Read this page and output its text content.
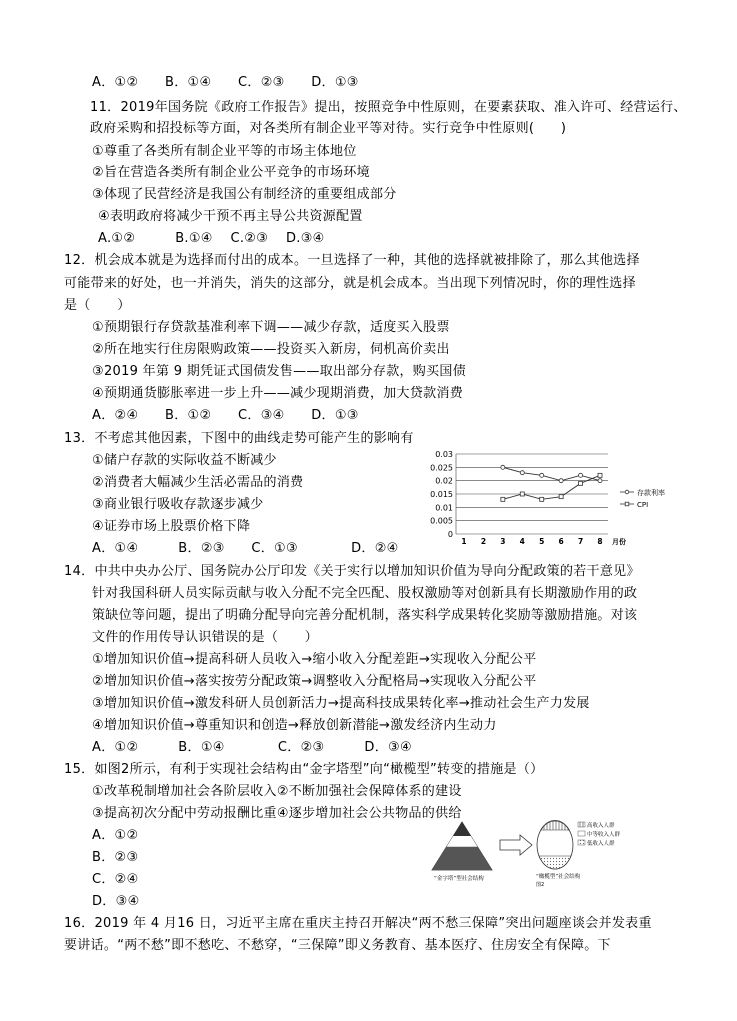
A．①②　　B．①④　　C．②③　　D．①③
11．2019年国务院《政府工作报告》提出，按照竞争中性原则，在要素获取、准入许可、经营运行、
政府采购和招投标等方面，对各类所有制企业平等对待。实行竞争中性原则(　　)
①尊重了各类所有制企业平等的市场主体地位
②旨在营造各类所有制企业公平竞争的市场环境
③体现了民营经济是我国公有制经济的重要组成部分
④表明政府将减少干预不再主导公共资源配置
A.①②　　　B.①④　 C.②③　 D.③④
12．机会成本就是为选择而付出的成本。一旦选择了一种，其他的选择就被排除了，那么其他选择
可能带来的好处，也一并消失，消失的这部分，就是机会成本。当出现下列情况时，你的理性选择
是（　　）
①预期银行存贷款基准利率下调——减少存款，适度买入股票
②所在地实行住房限购政策——投资买入新房，伺机高价卖出
③2019 年第 9 期凭证式国债发售——取出部分存款，购买国债
④预期通货膨胀率进一步上升——减少现期消费，加大贷款消费
A．②④　　B．①②　　C．③④　　D．①③
13．不考虑其他因素，下图中的曲线走势可能产生的影响有
①储户存款的实际收益不断减少
②消费者大幅减少生活必需品的消费
③商业银行吸收存款逐步减少
④证券市场上股票价格下降
A．①④　　　B．②③　　C．①③　　　　D．②④
0
0.005
0.01
0.015
0.02
0.025
0.03
1 2 3 4 5 6 7 8 月份
存款利率
CPI
14．中共中央办公厅、国务院办公厅印发《关于实行以增加知识价值为导向分配政策的若干意见》
针对我国科研人员实际贡献与收入分配不完全匹配、股权激励等对创新具有长期激励作用的政
策缺位等问题，提出了明确分配导向完善分配机制，落实科学成果转化奖励等激励措施。对该
文件的作用传导认识错误的是（　　）
①增加知识价值→提高科研人员收入→缩小收入分配差距→实现收入分配公平
②增加知识价值→落实按劳分配政策→调整收入分配格局→实现收入分配公平
③增加知识价值→激发科研人员创新活力→提高科技成果转化率→推动社会生产力发展
④增加知识价值→尊重知识和创造→释放创新潜能→激发经济内生动力
A．①②　　　B．①④　　　　C．②③　　　D．③④
15．如图2所示，有利于实现社会结构由“金字塔型”向“橄榄型”转变的措施是（）
①改革税制增加社会各阶层收入②不断加强社会保障体系的建设
③提高初次分配中劳动报酬比重④逐步增加社会公共物品的供给
A．①②
B．②③
C．②④
D．③④
高收入人群
中等收入人群
低收入人群
“金字塔”型社会结构	“橄榄型”社会结构
图2
16．2019 年 4 月16 日，习近平主席在重庆主持召开解决“两不愁三保障”突出问题座谈会并发表重
要讲话。“两不愁”即不愁吃、不愁穿，“三保障”即义务教育、基本医疗、住房安全有保障。下
